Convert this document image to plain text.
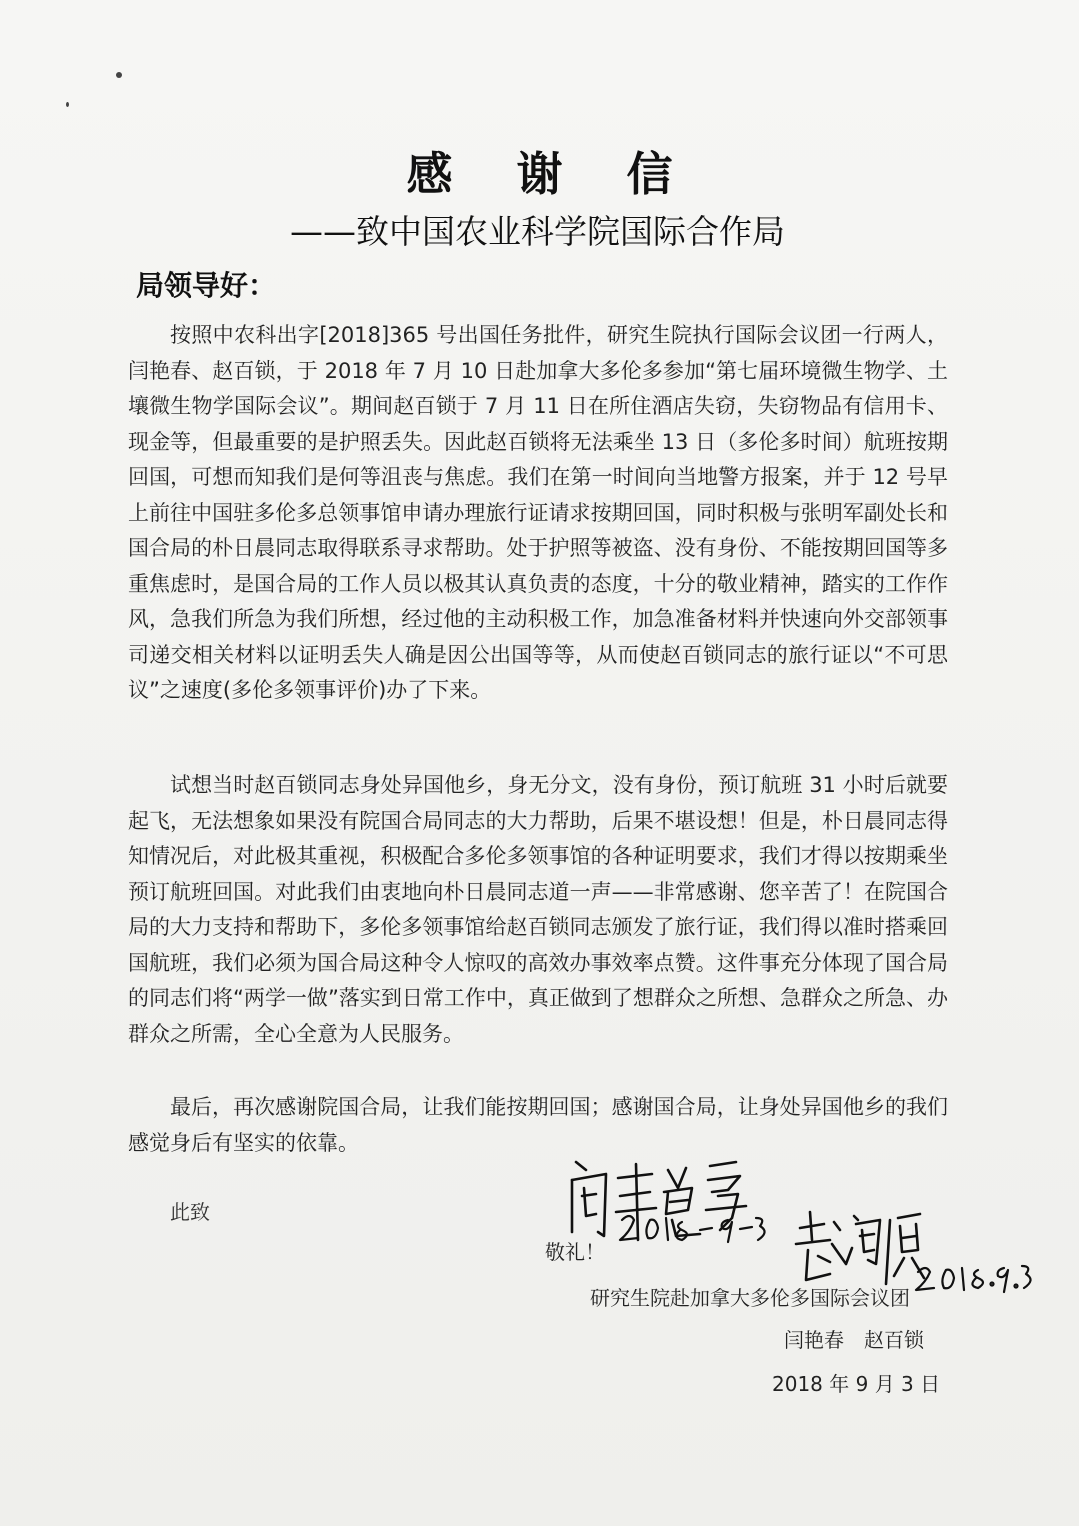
感 谢 信
——致中国农业科学院国际合作局
局领导好：
按照中农科出字[2018]365 号出国任务批件，研究生院执行国际会议团一行两人，闫艳春、赵百锁，于 2018 年 7 月 10 日赴加拿大多伦多参加“第七届环境微生物学、土壤微生物学国际会议”。期间赵百锁于 7 月 11 日在所住酒店失窃，失窃物品有信用卡、现金等，但最重要的是护照丢失。因此赵百锁将无法乘坐 13 日（多伦多时间）航班按期回国，可想而知我们是何等沮丧与焦虑。我们在第一时间向当地警方报案，并于 12 号早上前往中国驻多伦多总领事馆申请办理旅行证请求按期回国，同时积极与张明军副处长和国合局的朴日晨同志取得联系寻求帮助。处于护照等被盗、没有身份、不能按期回国等多重焦虑时，是国合局的工作人员以极其认真负责的态度，十分的敬业精神，踏实的工作作风，急我们所急为我们所想，经过他的主动积极工作，加急准备材料并快速向外交部领事司递交相关材料以证明丢失人确是因公出国等等，从而使赵百锁同志的旅行证以“不可思议”之速度(多伦多领事评价)办了下来。
试想当时赵百锁同志身处异国他乡，身无分文，没有身份，预订航班 31 小时后就要起飞，无法想象如果没有院国合局同志的大力帮助，后果不堪设想！但是，朴日晨同志得知情况后，对此极其重视，积极配合多伦多领事馆的各种证明要求，我们才得以按期乘坐预订航班回国。对此我们由衷地向朴日晨同志道一声——非常感谢、您辛苦了！在院国合局的大力支持和帮助下，多伦多领事馆给赵百锁同志颁发了旅行证，我们得以准时搭乘回国航班，我们必须为国合局这种令人惊叹的高效办事效率点赞。这件事充分体现了国合局的同志们将“两学一做”落实到日常工作中，真正做到了想群众之所想、急群众之所急、办群众之所需，全心全意为人民服务。
最后，再次感谢院国合局，让我们能按期回国；感谢国合局，让身处异国他乡的我们感觉身后有坚实的依靠。
此致
敬礼！
研究生院赴加拿大多伦多国际会议团
闫艳春　赵百锁
2018 年 9 月 3 日
